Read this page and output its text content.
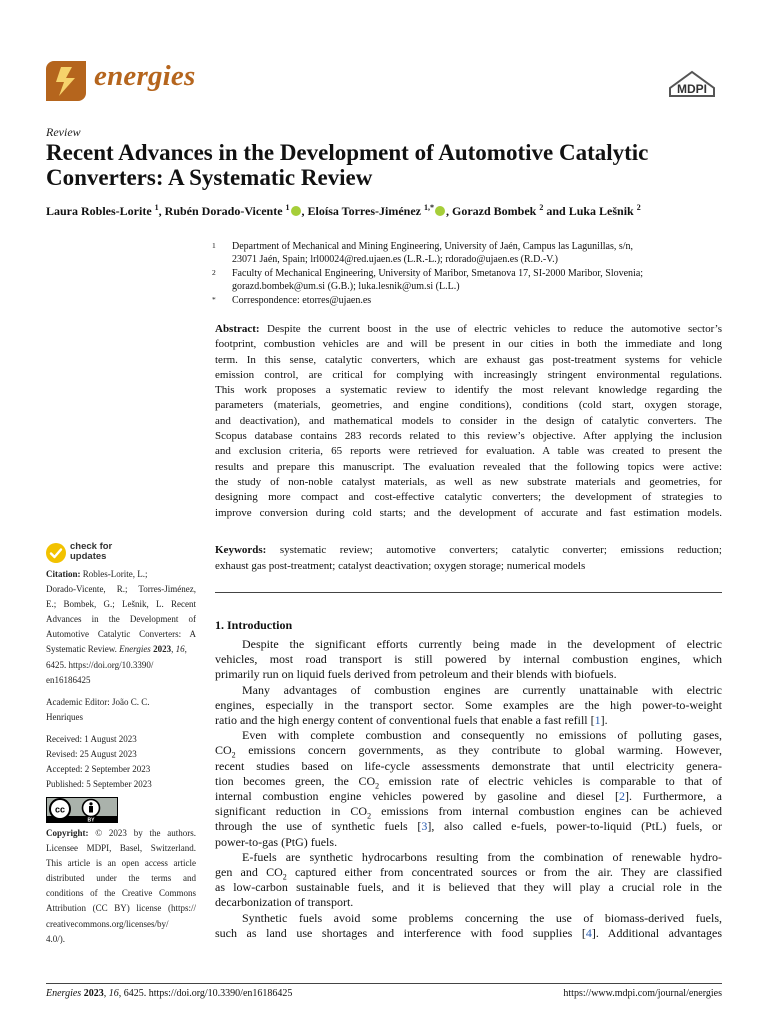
energies	MDPI
Review
Recent Advances in the Development of Automotive Catalytic
Converters: A Systematic Review
Laura Robles-Lorite $^1$, Rubén Dorado-Vicente $^1$ , Eloísa Torres-Jiménez $^{1,*}$ , Gorazd Bombek $^2$ and Luka Lešnik $^2$
1 Department of Mechanical and Mining Engineering, University of Jaén, Campus las Lagunillas, s/n,
23071 Jaén, Spain; lrl00024@red.ujaen.es (L.R.-L.); rdorado@ujaen.es (R.D.-V.)
2 Faculty of Mechanical Engineering, University of Maribor, Smetanova 17, SI-2000 Maribor, Slovenia;
gorazd.bombek@um.si (G.B.); luka.lesnik@um.si (L.L.)
* Correspondence: etorres@ujaen.es
Abstract: Despite the current boost in the use of electric vehicles to reduce the automotive sector’s
footprint, combustion vehicles are and will be present in our cities in both the immediate and long
term. In this sense, catalytic converters, which are exhaust gas post-treatment systems for vehicle
emission control, are critical for complying with increasingly stringent environmental regulations.
This work proposes a systematic review to identify the most relevant knowledge regarding the
parameters (materials, geometries, and engine conditions), conditions (cold start, oxygen storage,
and deactivation), and mathematical models to consider in the design of catalytic converters. The
Scopus database contains 283 records related to this review’s objective. After applying the inclusion
and exclusion criteria, 65 reports were retrieved for evaluation. A table was created to present the
results and prepare this manuscript. The evaluation revealed that the following topics were active:
the study of non-noble catalyst materials, as well as new substrate materials and geometries, for
designing more compact and cost-effective catalytic converters; the development of strategies to
improve conversion during cold starts; and the development of accurate and fast estimation models.
Keywords: systematic review; automotive converters; catalytic converter; emissions reduction;
exhaust gas post-treatment; catalyst deactivation; oxygen storage; numerical models
1. Introduction
Despite the significant efforts currently being made in the development of electric
vehicles, most road transport is still powered by internal combustion engines, which
primarily run on liquid fuels derived from petroleum and their blends with biofuels.
Many advantages of combustion engines are currently unattainable with electric
engines, especially in the transport sector. Some examples are the high power-to-weight
ratio and the high energy content of conventional fuels that enable a fast refill [1].
Even with complete combustion and consequently no emissions of polluting gases,
$CO_2$ emissions concern governments, as they contribute to global warming. However,
recent studies based on life-cycle assessments demonstrate that until electricity genera-
tion becomes green, the $CO_2$ emission rate of electric vehicles is comparable to that of
internal combustion engine vehicles powered by gasoline and diesel [2]. Furthermore, a
significant reduction in $CO_2$ emissions from internal combustion engines can be achieved
through the use of synthetic fuels [3], also called e-fuels, power-to-liquid (PtL) fuels, or
power-to-gas (PtG) fuels.
E-fuels are synthetic hydrocarbons resulting from the combination of renewable hydro-
gen and $CO_2$ captured either from concentrated sources or from the air. They are classified
as low-carbon sustainable fuels, and it is believed that they will play a crucial role in the
decarbonization of transport.
Synthetic fuels avoid some problems concerning the use of biomass-derived fuels,
such as land use shortages and interference with food supplies [4]. Additional advantages
check for
updates
Citation: Robles-Lorite, L.;
Dorado-Vicente, R.; Torres-Jiménez,
E.; Bombek, G.; Lešnik, L. Recent
Advances in the Development of
Automotive Catalytic Converters: A
Systematic Review. Energies 2023, 16,
6425. https://doi.org/10.3390/
en16186425
Academic Editor: João C. C.
Henriques
Received: 1 August 2023
Revised: 25 August 2023
Accepted: 2 September 2023
Published: 5 September 2023
cc
BY
Copyright: © 2023 by the authors.
Licensee MDPI, Basel, Switzerland.
This article is an open access article
distributed under the terms and
conditions of the Creative Commons
Attribution (CC BY) license (https://
creativecommons.org/licenses/by/
4.0/).
Energies 2023, 16, 6425. https://doi.org/10.3390/en16186425	https://www.mdpi.com/journal/energies
